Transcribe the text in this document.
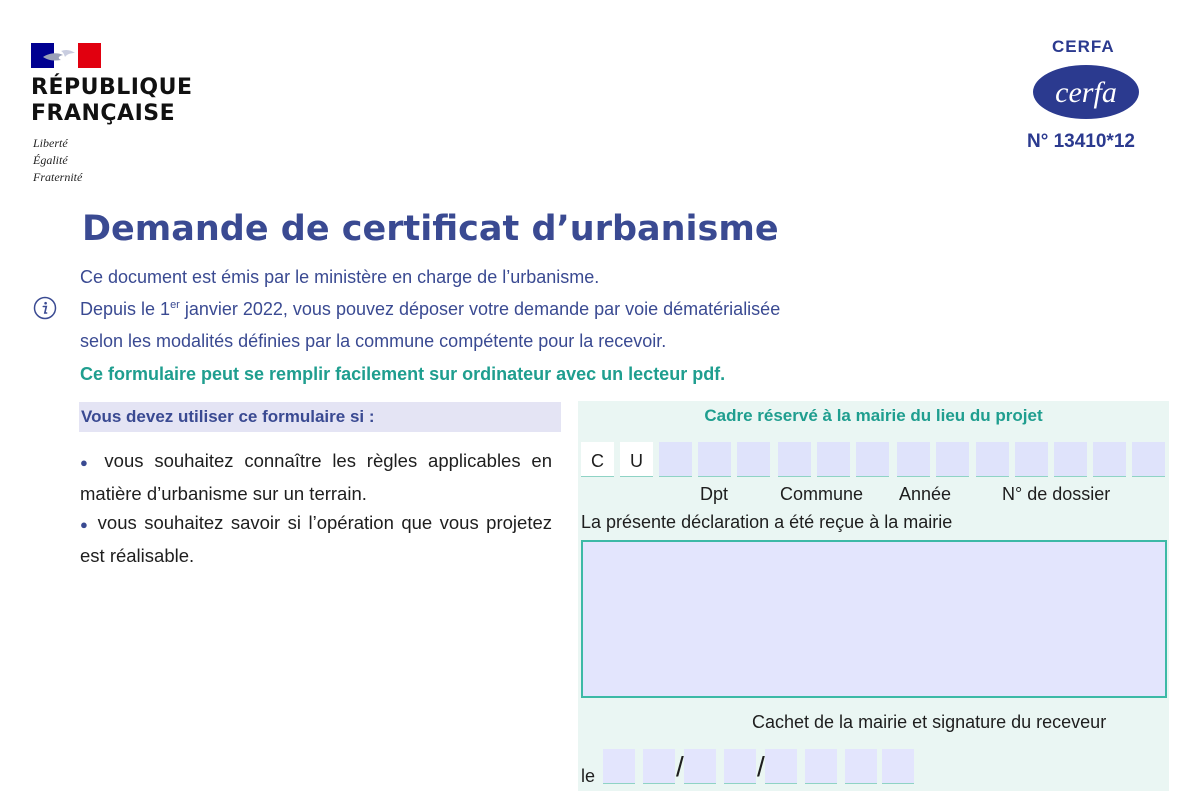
RÉPUBLIQUE
FRANÇAISE
Liberté
Égalité
Fraternité
CERFA
cerfa
N° 13410*12
Demande de certificat d’urbanisme
Ce document est émis par le ministère en charge de l’urbanisme.
Depuis le 1er janvier 2022, vous pouvez déposer votre demande par voie dématérialisée
selon les modalités définies par la commune compétente pour la recevoir.
Ce formulaire peut se remplir facilement sur ordinateur avec un lecteur pdf.
Vous devez utiliser ce formulaire si :
● vous souhaitez connaître les règles applicables en matière d’urbanisme sur un terrain.
● vous souhaitez savoir si l’opération que vous projetez est réalisable.
Cadre réservé à la mairie du lieu du projet
C	U
Dpt	Commune Année	N° de dossier
La présente déclaration a été reçue à la mairie
Cachet de la mairie et signature du receveur
le	/	/
